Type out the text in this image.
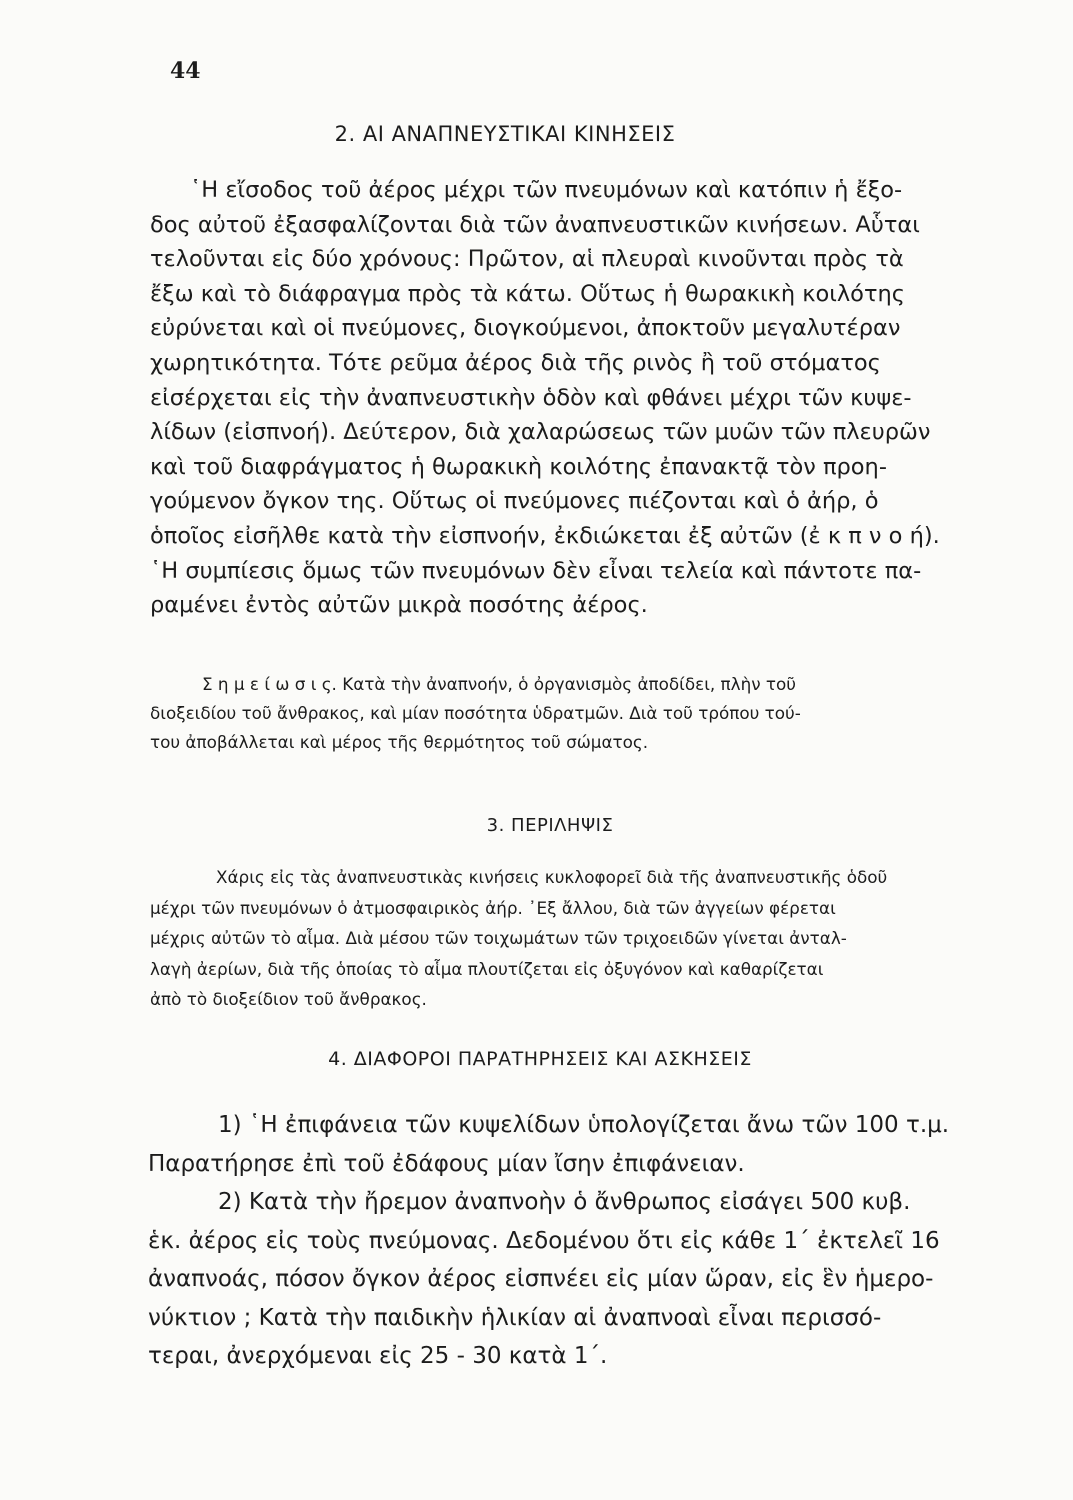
44
2. ΑΙ ΑΝΑΠΝΕΥΣΤΙΚΑΙ ΚΙΝΗΣΕΙΣ
῾Η εἴσοδος τοῦ ἀέρος μέχρι τῶν πνευμόνων καὶ κατόπιν ἡ ἔξο-
δος αὐτοῦ ἐξασφαλίζονται διὰ τῶν ἀναπνευστικῶν κινήσεων. Αὗται
τελοῦνται εἰς δύο χρόνους: Πρῶτον, αἱ πλευραὶ κινοῦνται πρὸς τὰ
ἔξω καὶ τὸ διάφραγμα πρὸς τὰ κάτω. Οὕτως ἡ θωρακικὴ κοιλότης
εὐρύνεται καὶ οἱ πνεύμονες, διογκούμενοι, ἀποκτοῦν μεγαλυτέραν
χωρητικότητα. Τότε ρεῦμα ἀέρος διὰ τῆς ρινὸς ἢ τοῦ στόματος
εἰσέρχεται εἰς τὴν ἀναπνευστικὴν ὁδὸν καὶ φθάνει μέχρι τῶν κυψε-
λίδων (εἰσπνοή). Δεύτερον, διὰ χαλαρώσεως τῶν μυῶν τῶν πλευρῶν
καὶ τοῦ διαφράγματος ἡ θωρακικὴ κοιλότης ἐπανακτᾷ τὸν προη-
γούμενον ὄγκον της. Οὕτως οἱ πνεύμονες πιέζονται καὶ ὁ ἀήρ, ὁ
ὁποῖος εἰσῆλθε κατὰ τὴν εἰσπνοήν, ἐκδιώκεται ἐξ αὐτῶν (ἐ κ π ν ο ή).
῾Η συμπίεσις ὅμως τῶν πνευμόνων δὲν εἶναι τελεία καὶ πάντοτε πα-
ραμένει ἐντὸς αὐτῶν μικρὰ ποσότης ἀέρος.
Σ η μ ε ί ω σ ι ς. Κατὰ τὴν ἀναπνοήν, ὁ ὀργανισμὸς ἀποδίδει, πλὴν τοῦ
διοξειδίου τοῦ ἄνθρακος, καὶ μίαν ποσότητα ὑδρατμῶν. Διὰ τοῦ τρόπου τού-
του ἀποβάλλεται καὶ μέρος τῆς θερμότητος τοῦ σώματος.
3. ΠΕΡΙΛΗΨΙΣ
Χάρις εἰς τὰς ἀναπνευστικὰς κινήσεις κυκλοφορεῖ διὰ τῆς ἀναπνευστικῆς ὁδοῦ
μέχρι τῶν πνευμόνων ὁ ἀτμοσφαιρικὸς ἀήρ. ᾿Εξ ἄλλου, διὰ τῶν ἀγγείων φέρεται
μέχρις αὐτῶν τὸ αἷμα. Διὰ μέσου τῶν τοιχωμάτων τῶν τριχοειδῶν γίνεται ἀνταλ-
λαγὴ ἀερίων, διὰ τῆς ὁποίας τὸ αἷμα πλουτίζεται εἰς ὀξυγόνον καὶ καθαρίζεται
ἀπὸ τὸ διοξείδιον τοῦ ἄνθρακος.
4. ΔΙΑΦΟΡΟΙ ΠΑΡΑΤΗΡΗΣΕΙΣ ΚΑΙ ΑΣΚΗΣΕΙΣ
1) ῾Η ἐπιφάνεια τῶν κυψελίδων ὑπολογίζεται ἄνω τῶν 100 τ.μ.
Παρατήρησε ἐπὶ τοῦ ἐδάφους μίαν ἴσην ἐπιφάνειαν.
2) Κατὰ τὴν ἤρεμον ἀναπνοὴν ὁ ἄνθρωπος εἰσάγει 500 κυβ.
ἑκ. ἀέρος εἰς τοὺς πνεύμονας. Δεδομένου ὅτι εἰς κάθε 1΄ ἐκτελεῖ 16
ἀναπνοάς, πόσον ὄγκον ἀέρος εἰσπνέει εἰς μίαν ὥραν, εἰς ἓν ἡμερο-
νύκτιον ; Κατὰ τὴν παιδικὴν ἡλικίαν αἱ ἀναπνοαὶ εἶναι περισσό-
τεραι, ἀνερχόμεναι εἰς 25 - 30 κατὰ 1΄.
